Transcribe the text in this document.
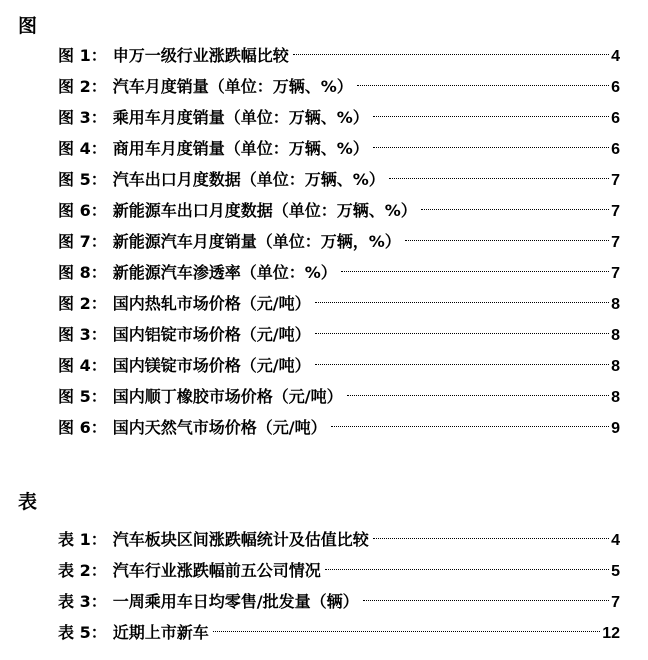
图
图 1 ： 申万一级行业涨跌幅比较	4
图 2 ： 汽车月度销量（单位：万辆、%）	6
图 3 ： 乘用车月度销量（单位：万辆、%）	6
图 4 ： 商用车月度销量（单位：万辆、%）	6
图 5 ： 汽车出口月度数据（单位：万辆、%）	7
图 6 ： 新能源车出口月度数据（单位：万辆、%）	7
图 7 ： 新能源汽车月度销量（单位：万辆，%）	7
图 8 ： 新能源汽车渗透率（单位：%）	7
图 2 ： 国内热轧市场价格（元/吨）	8
图 3 ： 国内铝锭市场价格（元/吨）	8
图 4 ： 国内镁锭市场价格（元/吨）	8
图 5 ： 国内顺丁橡胶市场价格（元/吨）	8
图 6 ： 国内天然气市场价格（元/吨）	9
表
表 1 ： 汽车板块区间涨跌幅统计及估值比较	4
表 2 ： 汽车行业涨跌幅前五公司情况	5
表 3 ： 一周乘用车日均零售/批发量（辆）	7
表 5 ： 近期上市新车	12
